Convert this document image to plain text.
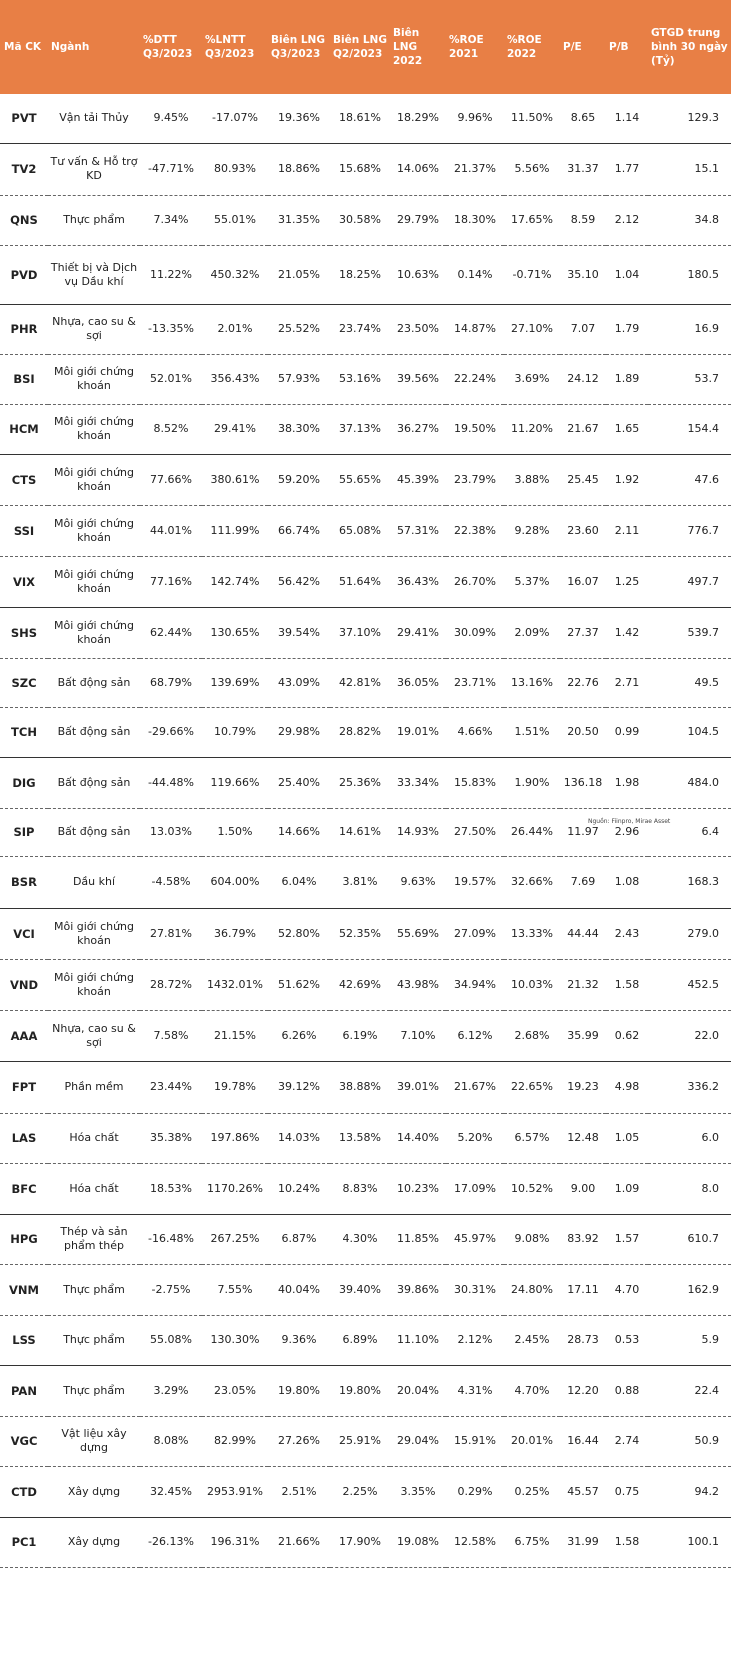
Mã CK	Ngành	%DTT Q3/2023	%LNTT Q3/2023	Biên LNG Q3/2023	Biên LNG Q2/2023	Biên LNG 2022	%ROE 2021	%ROE 2022	P/E	P/B	GTGD trung bình 30 ngày (Tỷ)
PVT	Vận tải Thủy	9.45%	-17.07%	19.36%	18.61%	18.29%	9.96%	11.50%	8.65	1.14	129.3
TV2	Tư vấn & Hỗ trợ KD	-47.71%	80.93%	18.86%	15.68%	14.06%	21.37%	5.56%	31.37	1.77	15.1
QNS	Thực phẩm	7.34%	55.01%	31.35%	30.58%	29.79%	18.30%	17.65%	8.59	2.12	34.8
PVD	Thiết bị và Dịch vụ Dầu khí	11.22%	450.32%	21.05%	18.25%	10.63%	0.14%	-0.71%	35.10	1.04	180.5
PHR	Nhựa, cao su & sợi	-13.35%	2.01%	25.52%	23.74%	23.50%	14.87%	27.10%	7.07	1.79	16.9
BSI	Môi giới chứng khoán	52.01%	356.43%	57.93%	53.16%	39.56%	22.24%	3.69%	24.12	1.89	53.7
HCM	Môi giới chứng khoán	8.52%	29.41%	38.30%	37.13%	36.27%	19.50%	11.20%	21.67	1.65	154.4
CTS	Môi giới chứng khoán	77.66%	380.61%	59.20%	55.65%	45.39%	23.79%	3.88%	25.45	1.92	47.6
SSI	Môi giới chứng khoán	44.01%	111.99%	66.74%	65.08%	57.31%	22.38%	9.28%	23.60	2.11	776.7
VIX	Môi giới chứng khoán	77.16%	142.74%	56.42%	51.64%	36.43%	26.70%	5.37%	16.07	1.25	497.7
SHS	Môi giới chứng khoán	62.44%	130.65%	39.54%	37.10%	29.41%	30.09%	2.09%	27.37	1.42	539.7
SZC	Bất động sản	68.79%	139.69%	43.09%	42.81%	36.05%	23.71%	13.16%	22.76	2.71	49.5
TCH	Bất động sản	-29.66%	10.79%	29.98%	28.82%	19.01%	4.66%	1.51%	20.50	0.99	104.5
DIG	Bất động sản	-44.48%	119.66%	25.40%	25.36%	33.34%	15.83%	1.90%	136.18	1.98	484.0
SIP	Bất động sản	13.03%	1.50%	14.66%	14.61%	14.93%	27.50%	26.44%	11.97	2.96	6.4
BSR	Dầu khí	-4.58%	604.00%	6.04%	3.81%	9.63%	19.57%	32.66%	7.69	1.08	168.3
VCI	Môi giới chứng khoán	27.81%	36.79%	52.80%	52.35%	55.69%	27.09%	13.33%	44.44	2.43	279.0
VND	Môi giới chứng khoán	28.72%	1432.01%	51.62%	42.69%	43.98%	34.94%	10.03%	21.32	1.58	452.5
AAA	Nhựa, cao su & sợi	7.58%	21.15%	6.26%	6.19%	7.10%	6.12%	2.68%	35.99	0.62	22.0
FPT	Phần mềm	23.44%	19.78%	39.12%	38.88%	39.01%	21.67%	22.65%	19.23	4.98	336.2
LAS	Hóa chất	35.38%	197.86%	14.03%	13.58%	14.40%	5.20%	6.57%	12.48	1.05	6.0
BFC	Hóa chất	18.53%	1170.26%	10.24%	8.83%	10.23%	17.09%	10.52%	9.00	1.09	8.0
HPG	Thép và sản phẩm thép	-16.48%	267.25%	6.87%	4.30%	11.85%	45.97%	9.08%	83.92	1.57	610.7
VNM	Thực phẩm	-2.75%	7.55%	40.04%	39.40%	39.86%	30.31%	24.80%	17.11	4.70	162.9
LSS	Thực phẩm	55.08%	130.30%	9.36%	6.89%	11.10%	2.12%	2.45%	28.73	0.53	5.9
PAN	Thực phẩm	3.29%	23.05%	19.80%	19.80%	20.04%	4.31%	4.70%	12.20	0.88	22.4
VGC	Vật liệu xây dựng	8.08%	82.99%	27.26%	25.91%	29.04%	15.91%	20.01%	16.44	2.74	50.9
CTD	Xây dựng	32.45%	2953.91%	2.51%	2.25%	3.35%	0.29%	0.25%	45.57	0.75	94.2
PC1	Xây dựng	-26.13%	196.31%	21.66%	17.90%	19.08%	12.58%	6.75%	31.99	1.58	100.1
Nguồn: Fiinpro, Mirae Asset
